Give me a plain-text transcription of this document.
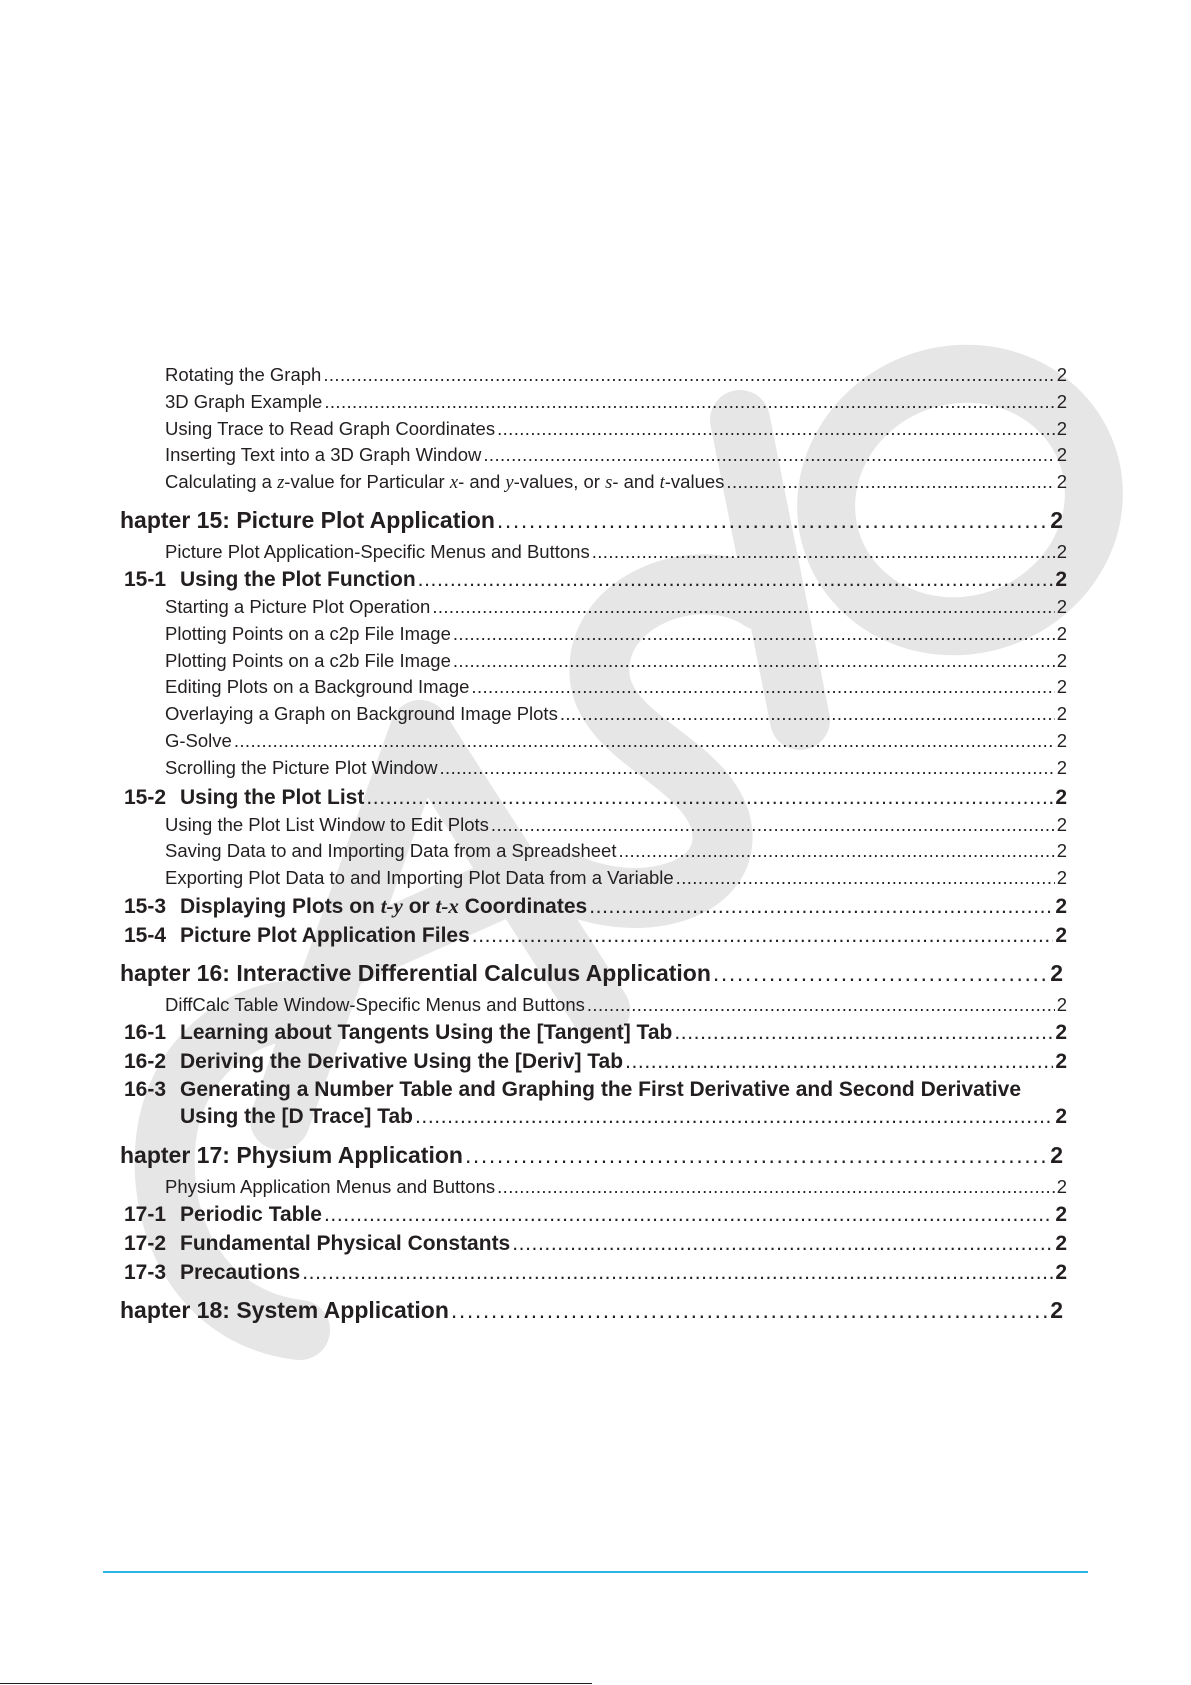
Rotating the Graph .....	2
3D Graph Example .....	2
Using Trace to Read Graph Coordinates .....	2
Inserting Text into a 3D Graph Window .....	2
Calculating a z-value for Particular x- and y-values, or s- and t-values .....	2
hapter 15: Picture Plot Application .....	2
Picture Plot Application-Specific Menus and Buttons .....	2
15-1 Using the Plot Function .....	2
Starting a Picture Plot Operation .....	2
Plotting Points on a c2p File Image .....	2
Plotting Points on a c2b File Image .....	2
Editing Plots on a Background Image .....	2
Overlaying a Graph on Background Image Plots .....	2
G-Solve .....	2
Scrolling the Picture Plot Window .....	2
15-2 Using the Plot List .....	2
Using the Plot List Window to Edit Plots .....	2
Saving Data to and Importing Data from a Spreadsheet .....	2
Exporting Plot Data to and Importing Plot Data from a Variable .....	2
15-3 Displaying Plots on t-y or t-x Coordinates .....	2
15-4 Picture Plot Application Files .....	2
hapter 16: Interactive Differential Calculus Application .....	2
DiffCalc Table Window-Specific Menus and Buttons .....	2
16-1 Learning about Tangents Using the [Tangent] Tab .....	2
16-2 Deriving the Derivative Using the [Deriv] Tab .....	2
16-3 Generating a Number Table and Graphing the First Derivative and Second Derivative
Using the [D Trace] Tab .....	2
hapter 17: Physium Application .....	2
Physium Application Menus and Buttons .....	2
17-1 Periodic Table .....	2
17-2 Fundamental Physical Constants .....	2
17-3 Precautions .....	2
hapter 18: System Application .....	2
